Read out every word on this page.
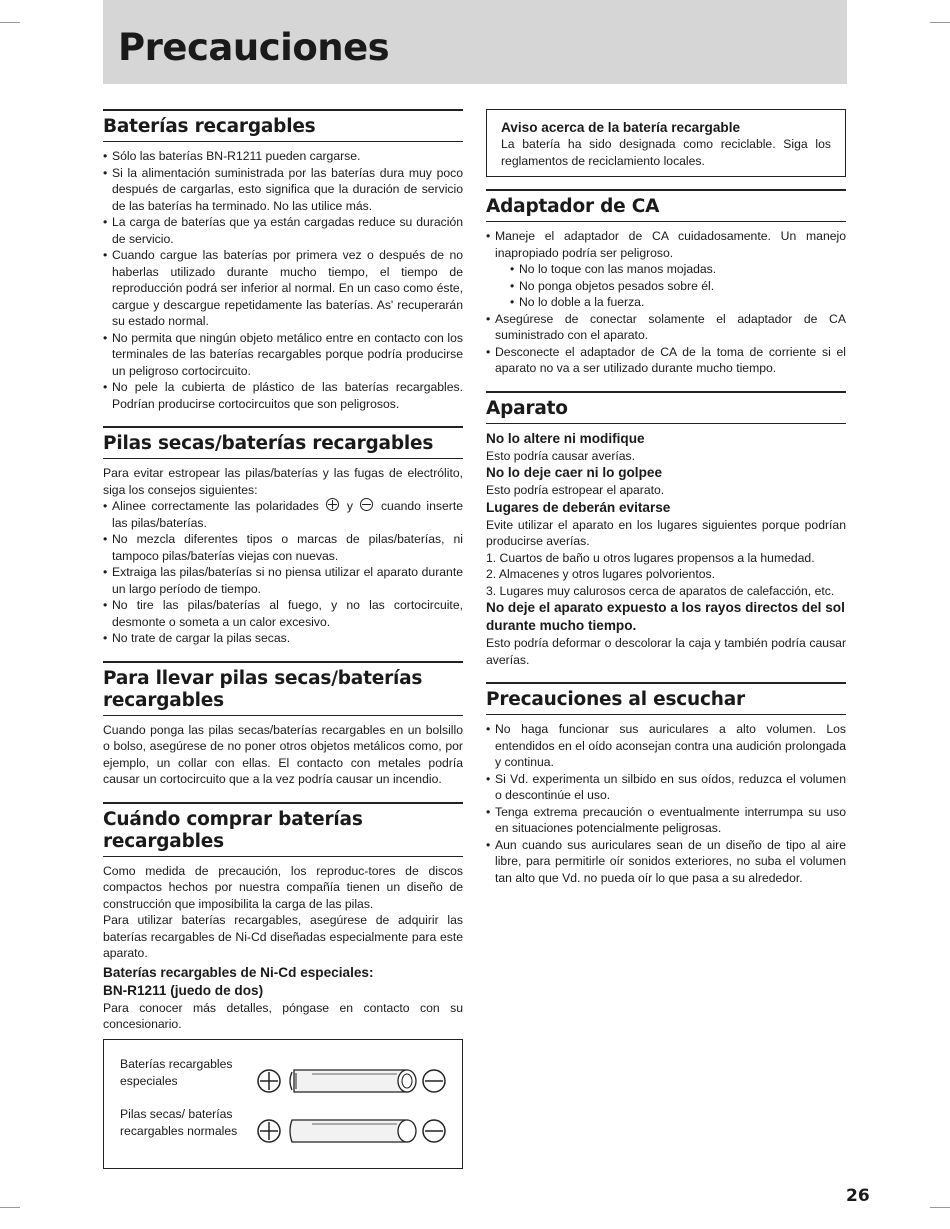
Precauciones
Baterías recargables
• Sólo las baterías BN-R1211 pueden cargarse.
• Si la alimentación suministrada por las baterías dura muy poco después de cargarlas, esto significa que la duración de servicio de las baterías ha terminado. No las utilice más.
• La carga de baterías que ya están cargadas reduce su duración de servicio.
• Cuando cargue las baterías por primera vez o después de no haberlas utilizado durante mucho tiempo, el tiempo de reproducción podrá ser inferior al normal. En un caso como éste, cargue y descargue repetidamente las baterías. As' recuperarán su estado normal.
• No permita que ningún objeto metálico entre en contacto con los terminales de las baterías recargables porque podría producirse un peligroso cortocircuito.
• No pele la cubierta de plástico de las baterías recargables. Podrían producirse cortocircuitos que son peligrosos.
Pilas secas/baterías recargables

Para evitar estropear las pilas/baterías y las fugas de electrólito, siga los consejos siguientes:

• Alinee correctamente las polaridades y cuando inserte las pilas/baterías.
• No mezcla diferentes tipos o marcas de pilas/baterías, ni tampoco pilas/baterías viejas con nuevas.
• Extraiga las pilas/baterías si no piensa utilizar el aparato durante un largo período de tiempo.
• No tire las pilas/baterías al fuego, y no las cortocircuite, desmonte o someta a un calor excesivo.
• No trate de cargar la pilas secas.
Para llevar pilas secas/baterías recargables

Cuando ponga las pilas secas/baterías recargables en un bolsillo o bolso, asegúrese de no poner otros objetos metálicos como, por ejemplo, un collar con ellas. El contacto con metales podría causar un cortocircuito que a la vez podría causar un incendio.

Cuándo comprar baterías recargables

Como medida de precaución, los reproduc-tores de discos compactos hechos por nuestra compañía tienen un diseño de construcción que imposibilita la carga de las pilas.

Para utilizar baterías recargables, asegúrese de adquirir las baterías recargables de Ni-Cd diseñadas especialmente para este aparato.

Baterías recargables de Ni-Cd especiales:

BN-R1211 (juedo de dos)

Para conocer más detalles, póngase en contacto con su concesionario.

Baterías recargables especiales
Pilas secas/ baterías recargables normales
Aviso acerca de la batería recargable

La batería ha sido designada como reciclable. Siga los reglamentos de reciclamiento locales.

Adaptador de CA
• Maneje el adaptador de CA cuidadosamente. Un manejo inapropiado podría ser peligroso.
• No lo toque con las manos mojadas.
• No ponga objetos pesados sobre él.
• No lo doble a la fuerza.
• Asegúrese de conectar solamente el adaptador de CA suministrado con el aparato.
• Desconecte el adaptador de CA de la toma de corriente si el aparato no va a ser utilizado durante mucho tiempo.
Aparato

No lo altere ni modifique

Esto podría causar averías.

No lo deje caer ni lo golpee

Esto podría estropear el aparato.

Lugares de deberán evitarse

Evite utilizar el aparato en los lugares siguientes porque podrían producirse averías.

1. Cuartos de baño u otros lugares propensos a la humedad.
2. Almacenes y otros lugares polvorientos.
3. Lugares muy calurosos cerca de aparatos de calefacción, etc.

No deje el aparato expuesto a los rayos directos del sol durante mucho tiempo.

Esto podría deformar o descolorar la caja y también podría causar averías.

Precauciones al escuchar
• No haga funcionar sus auriculares a alto volumen. Los entendidos en el oído aconsejan contra una audición prolongada y continua.
• Si Vd. experimenta un silbido en sus oídos, reduzca el volumen o descontinúe el uso.
• Tenga extrema precaución o eventualmente interrumpa su uso en situaciones potencialmente peligrosas.
• Aun cuando sus auriculares sean de un diseño de tipo al aire libre, para permitirle oír sonidos exteriores, no suba el volumen tan alto que Vd. no pueda oír lo que pasa a su alrededor.
26
